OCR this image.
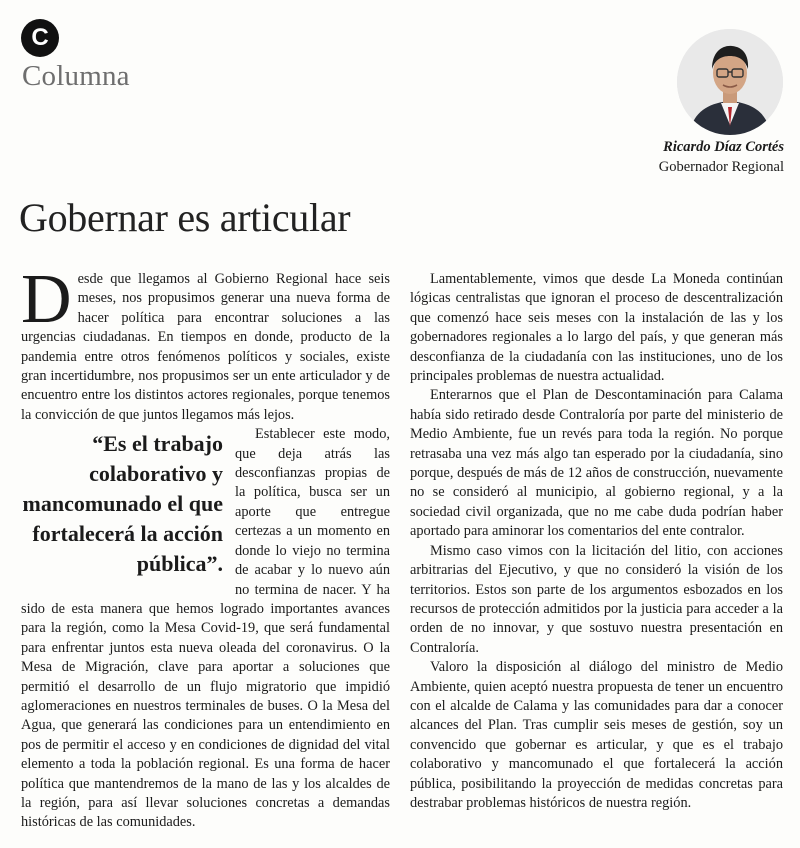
C
Columna
Ricardo Díaz Cortés
Gobernador Regional
Gobernar es articular

Desde que llegamos al Gobierno Regional hace seis meses, nos propusimos generar una nueva forma de hacer política para encontrar soluciones a las urgencias ciudadanas. En tiempos en donde, producto de la pandemia entre otros fenómenos políticos y sociales, existe gran incertidumbre, nos propusimos ser un ente articulador y de encuentro entre los distintos actores regionales, porque tenemos la convicción de que juntos llegamos más lejos.

“Es el trabajo colaborativo y mancomunado el que fortalecerá la acción pública”.
Establecer este modo, que deja atrás las desconfianzas propias de la política, busca ser un aporte que entregue certezas a un momento en donde lo viejo no termina de acabar y lo nuevo aún no termina de nacer. Y ha sido de esta manera que hemos logrado importantes avances para la región, como la Mesa Covid-19, que será fundamental para enfrentar juntos esta nueva oleada del coronavirus. O la Mesa de Migración, clave para aportar a soluciones que permitió el desarrollo de un flujo migratorio que impidió aglomeraciones en nuestros terminales de buses. O la Mesa del Agua, que generará las condiciones para un entendimiento en pos de permitir el acceso y en condiciones de dignidad del vital elemento a toda la población regional. Es una forma de hacer política que mantendremos de la mano de las y los alcaldes de la región, para así llevar soluciones concretas a demandas históricas de las comunidades.

Lamentablemente, vimos que desde La Moneda continúan lógicas centralistas que ignoran el proceso de descentralización que comenzó hace seis meses con la instalación de las y los gobernadores regionales a lo largo del país, y que generan más desconfianza de la ciudadanía con las instituciones, uno de los principales problemas de nuestra actualidad.

Enterarnos que el Plan de Descontaminación para Calama había sido retirado desde Contraloría por parte del ministerio de Medio Ambiente, fue un revés para toda la región. No porque retrasaba una vez más algo tan esperado por la ciudadanía, sino porque, después de más de 12 años de construcción, nuevamente no se consideró al municipio, al gobierno regional, y a la sociedad civil organizada, que no me cabe duda podrían haber aportado para aminorar los comentarios del ente contralor.

Mismo caso vimos con la licitación del litio, con acciones arbitrarias del Ejecutivo, y que no consideró la visión de los territorios. Estos son parte de los argumentos esbozados en los recursos de protección admitidos por la justicia para acceder a la orden de no innovar, y que sostuvo nuestra presentación en Contraloría.

Valoro la disposición al diálogo del ministro de Medio Ambiente, quien aceptó nuestra propuesta de tener un encuentro con el alcalde de Calama y las comunidades para dar a conocer alcances del Plan. Tras cumplir seis meses de gestión, soy un convencido que gobernar es articular, y que es el trabajo colaborativo y mancomunado el que fortalecerá la acción pública, posibilitando la proyección de medidas concretas para destrabar problemas históricos de nuestra región.
